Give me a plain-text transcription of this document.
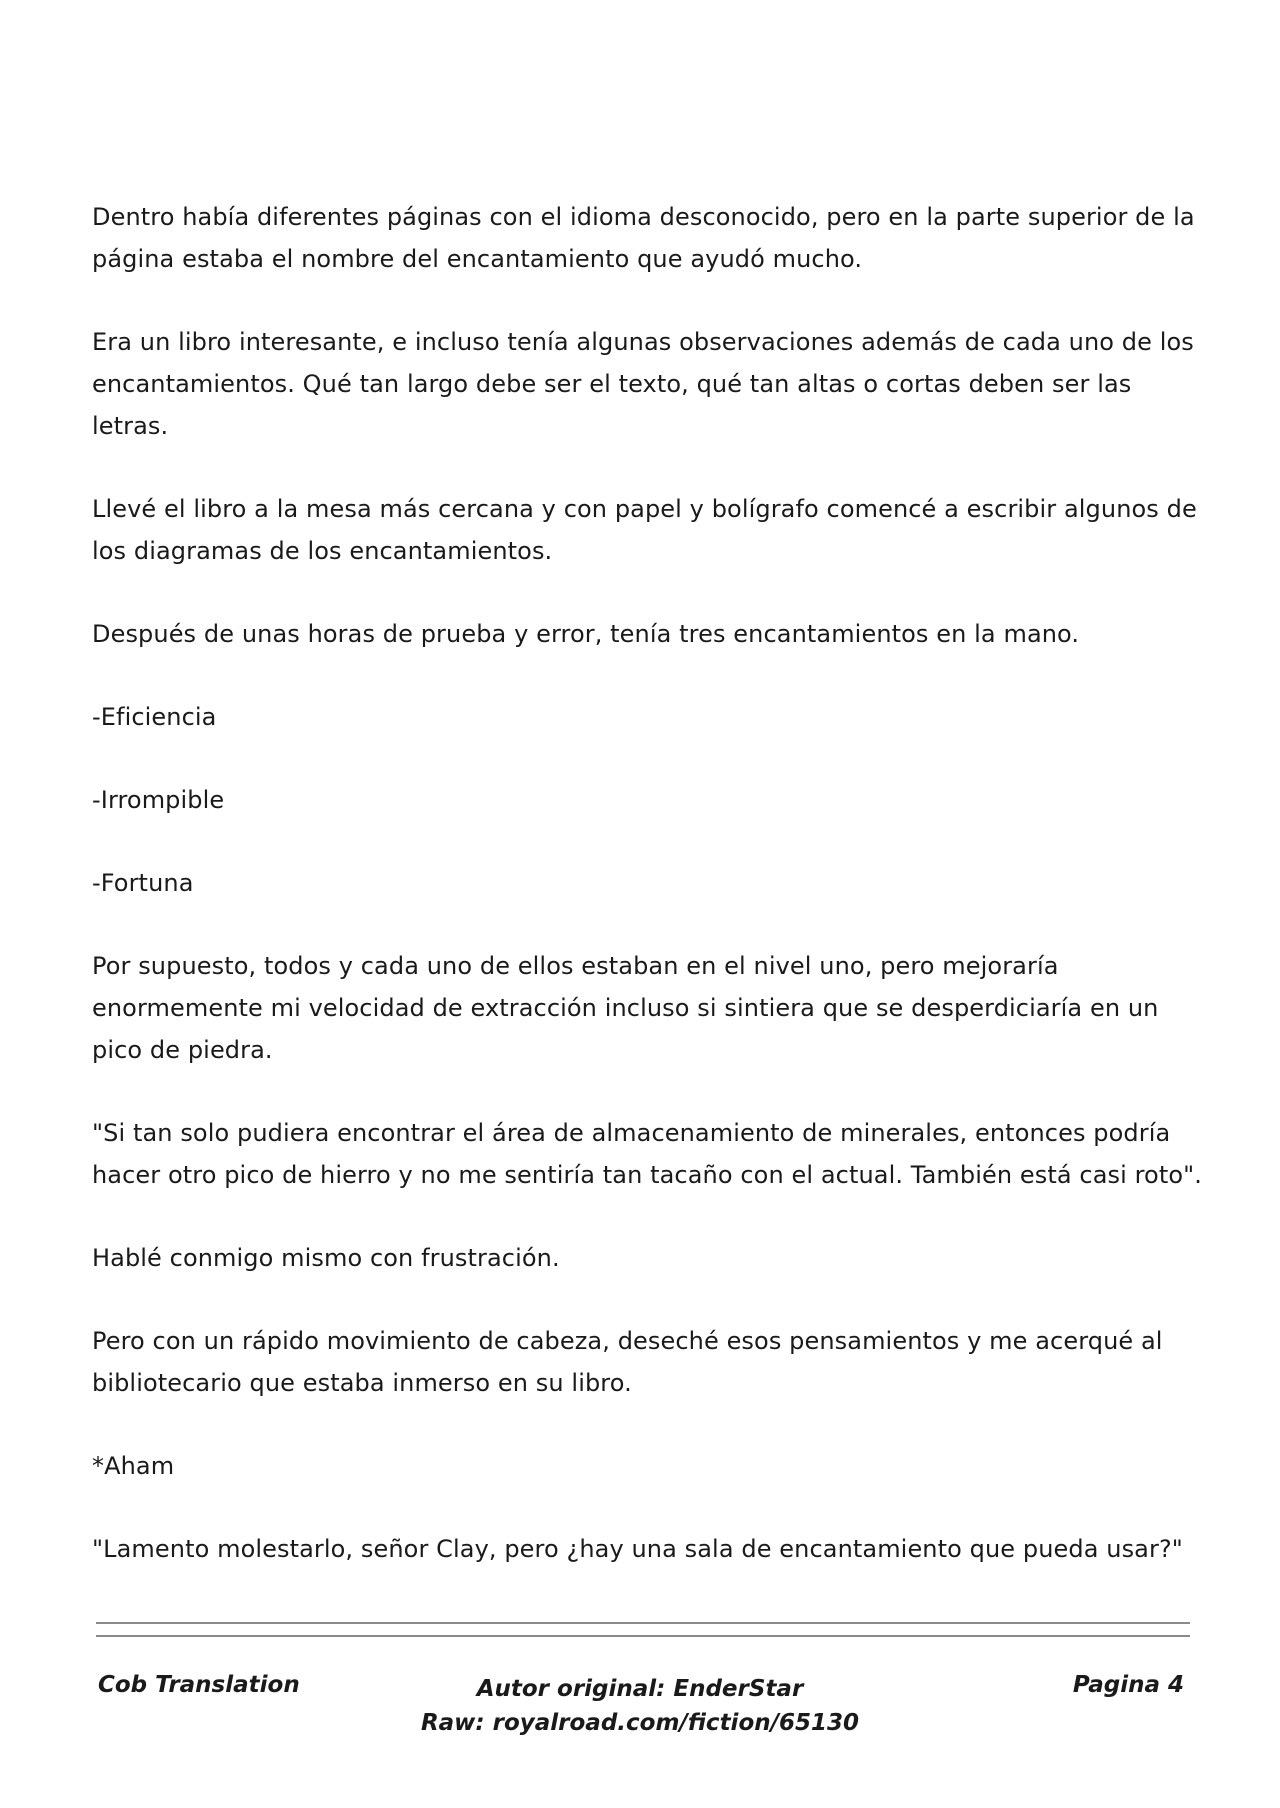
Dentro había diferentes páginas con el idioma desconocido, pero en la parte superior de la página estaba el nombre del encantamiento que ayudó mucho.

Era un libro interesante, e incluso tenía algunas observaciones además de cada uno de los encantamientos. Qué tan largo debe ser el texto, qué tan altas o cortas deben ser las letras.

Llevé el libro a la mesa más cercana y con papel y bolígrafo comencé a escribir algunos de los diagramas de los encantamientos.

Después de unas horas de prueba y error, tenía tres encantamientos en la mano.

-Eficiencia

-Irrompible

-Fortuna

Por supuesto, todos y cada uno de ellos estaban en el nivel uno, pero mejoraría enormemente mi velocidad de extracción incluso si sintiera que se desperdiciaría en un pico de piedra.

"Si tan solo pudiera encontrar el área de almacenamiento de minerales, entonces podría hacer otro pico de hierro y no me sentiría tan tacaño con el actual. También está casi roto".

Hablé conmigo mismo con frustración.

Pero con un rápido movimiento de cabeza, deseché esos pensamientos y me acerqué al bibliotecario que estaba inmerso en su libro.

*Aham

"Lamento molestarlo, señor Clay, pero ¿hay una sala de encantamiento que pueda usar?"

Cob Translation	Autor original: EnderStar
Raw: royalroad.com/fiction/65130
Pagina 4
